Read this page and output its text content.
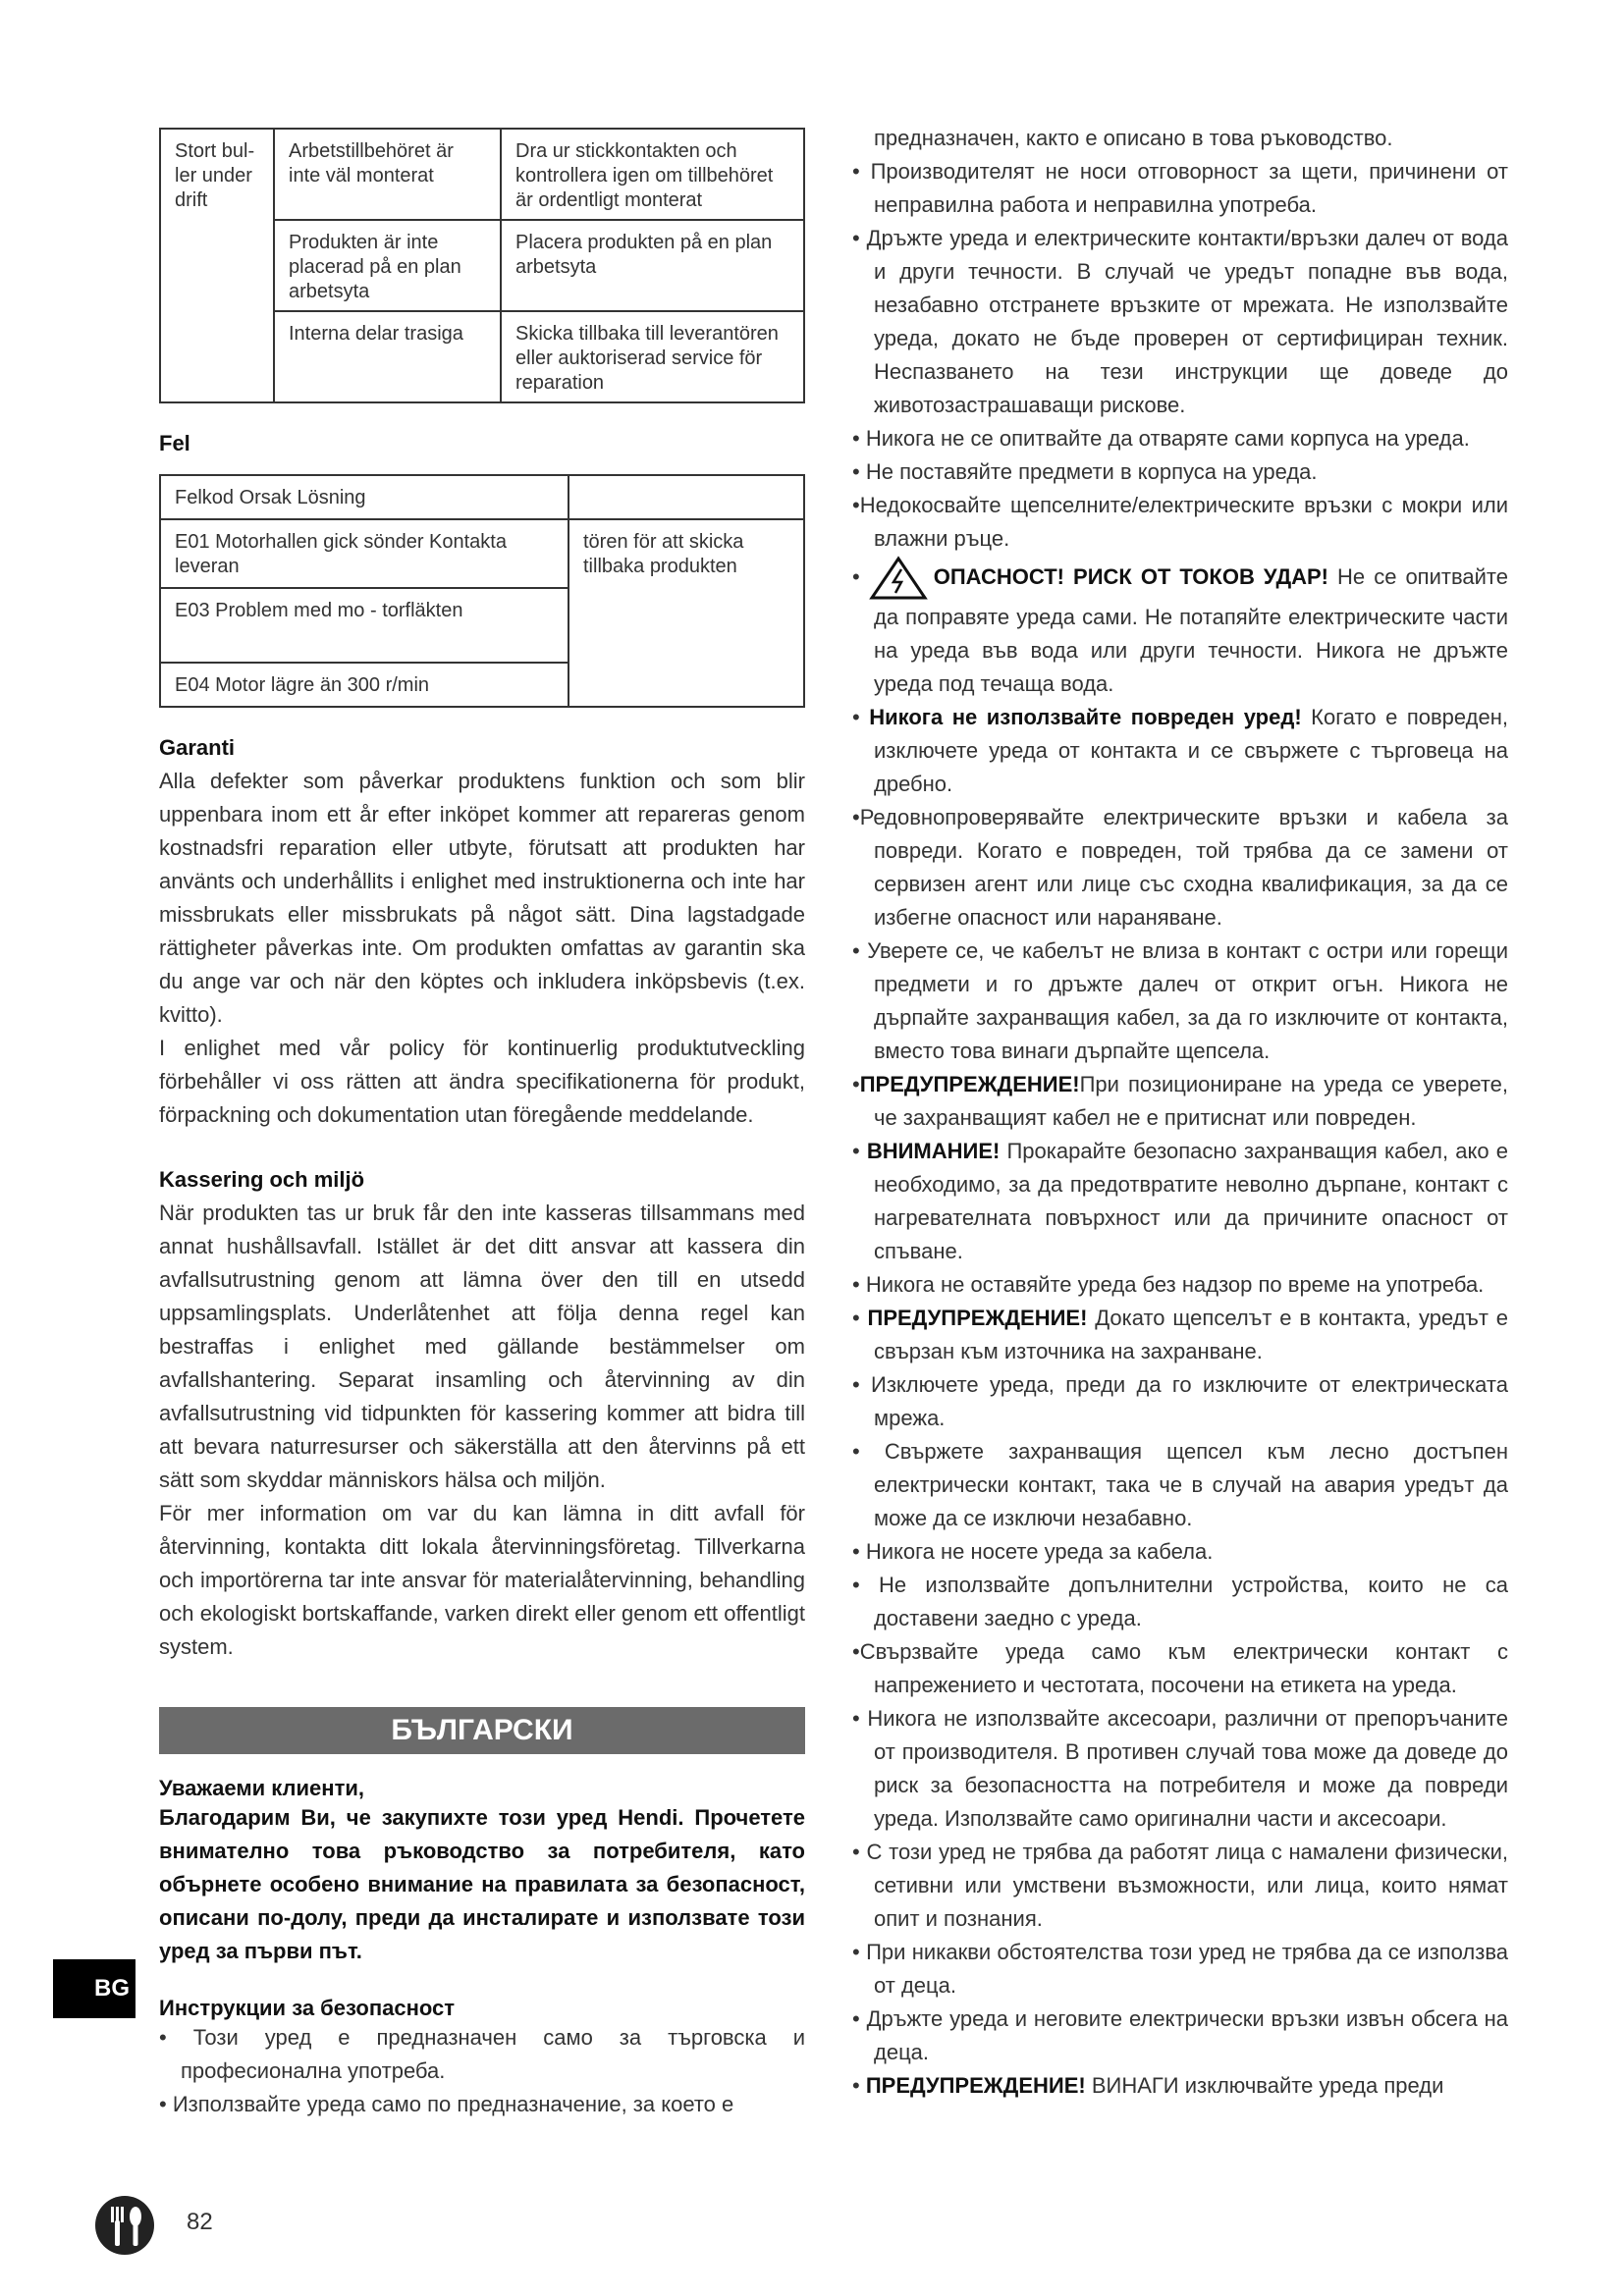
Stort bul-ler under drift	Arbetstillbehöret är inte väl monterat	Dra ur stickkontakten och kontrollera igen om tillbehöret är ordentligt monterat
	Produkten är inte placerad på en plan arbetsyta	Placera produkten på en plan arbetsyta
	Interna delar trasiga	Skicka tillbaka till leverantören eller auktoriserad service för reparation
Fel
Felkod Orsak Lösning	
E01 Motorhallen gick sönder Kontakta leveran	tören för att skicka tillbaka produkten
E03 Problem med mo - torfläkten	
E04 Motor lägre än 300 r/min	
Garanti

Alla defekter som påverkar produktens funktion och som blir uppenbara inom ett år efter inköpet kommer att repareras genom kostnadsfri reparation eller utbyte, förutsatt att produkten har använts och underhållits i enlighet med instruktionerna och inte har missbrukats eller missbrukats på något sätt. Dina lagstadgade rättigheter påverkas inte. Om produkten omfattas av garantin ska du ange var och när den köptes och inkludera inköpsbevis (t.ex. kvitto).

I enlighet med vår policy för kontinuerlig produktutveckling förbehåller vi oss rätten att ändra specifikationerna för produkt, förpackning och dokumentation utan föregående meddelande.

Kassering och miljö

När produkten tas ur bruk får den inte kasseras tillsammans med annat hushållsavfall. Istället är det ditt ansvar att kassera din avfallsutrustning genom att lämna över den till en utsedd uppsamlingsplats. Underlåtenhet att följa denna regel kan bestraffas i enlighet med gällande bestämmelser om avfallshantering. Separat insamling och återvinning av din avfallsutrustning vid tidpunkten för kassering kommer att bidra till att bevara naturresurser och säkerställa att den återvinns på ett sätt som skyddar människors hälsa och miljön.

För mer information om var du kan lämna in ditt avfall för återvinning, kontakta ditt lokala återvinningsföretag. Tillverkarna och importörerna tar inte ansvar för materialåtervinning, behandling och ekologiskt bortskaffande, varken direkt eller genom ett offentligt system.

БЪЛГАРСКИ
Уважаеми клиенти,

Благодарим Ви, че закупихте този уред Hendi. Прочетете внимателно това ръководство за потребителя, като обърнете особено внимание на правилата за безопасност, описани по-долу, преди да инсталирате и използвате този уред за първи път.

Инструкции за безопасност

• Този уред е предназначен само за търговска и професионална употреба.

• Използвайте уреда само по предназначение, за което е

предназначен, както е описано в това ръководство.

• Производителят не носи отговорност за щети, причинени от неправилна работа и неправилна употреба.

• Дръжте уреда и електрическите контакти/връзки далеч от вода и други течности. В случай че уредът попадне във вода, незабавно отстранете връзките от мрежата. Не използвайте уреда, докато не бъде проверен от сертифициран техник. Неспазването на тези инструкции ще доведе до животозастрашаващи рискове.

• Никога не се опитвайте да отваряте сами корпуса на уреда.

• Не поставяйте предмети в корпуса на уреда.

•Недокосвайте щепселните/електрическите връзки с мокри или влажни ръце.

•	ОПАСНОСТ! РИСК ОТ ТОКОВ УДАР! Не се опитвайте да поправяте уреда сами. Не потапяйте електрическите части на уреда във вода или други течности. Никога не дръжте уреда под течаща вода.

• Никога не използвайте повреден уред! Когато е повреден, изключете уреда от контакта и се свържете с търговеца на дребно.

•Редовнопроверявайте електрическите връзки и кабела за повреди. Когато е повреден, той трябва да се замени от сервизен агент или лице със сходна квалификация, за да се избегне опасност или нараняване.

• Уверете се, че кабелът не влиза в контакт с остри или горещи предмети и го дръжте далеч от открит огън. Никога не дърпайте захранващия кабел, за да го изключите от контакта, вместо това винаги дърпайте щепсела.

•ПРЕДУПРЕЖДЕНИЕ!При позициониране на уреда се уверете, че захранващият кабел не е притиснат или повреден.

• ВНИМАНИЕ! Прокарайте безопасно захранващия кабел, ако е необходимо, за да предотвратите неволно дърпане, контакт с нагревателната повърхност или да причините опасност от спъване.

• Никога не оставяйте уреда без надзор по време на употреба.

• ПРЕДУПРЕЖДЕНИЕ! Докато щепселът е в контакта, уредът е свързан към източника на захранване.

• Изключете уреда, преди да го изключите от електрическата мрежа.

• Свържете захранващия щепсел към лесно достъпен електрически контакт, така че в случай на авария уредът да може да се изключи незабавно.

• Никога не носете уреда за кабела.

• Не използвайте допълнителни устройства, които не са доставени заедно с уреда.

•Свързвайте уреда само към електрически контакт с напрежението и честотата, посочени на етикета на уреда.

• Никога не използвайте аксесоари, различни от препоръчаните от производителя. В противен случай това може да доведе до риск за безопасността на потребителя и може да повреди уреда. Използвайте само оригинални части и аксесоари.

• С този уред не трябва да работят лица с намалени физически, сетивни или умствени възможности, или лица, които нямат опит и познания.

• При никакви обстоятелства този уред не трябва да се използва от деца.

• Дръжте уреда и неговите електрически връзки извън обсега на деца.

• ПРЕДУПРЕЖДЕНИЕ! ВИНАГИ изключвайте уреда преди

BG
82
